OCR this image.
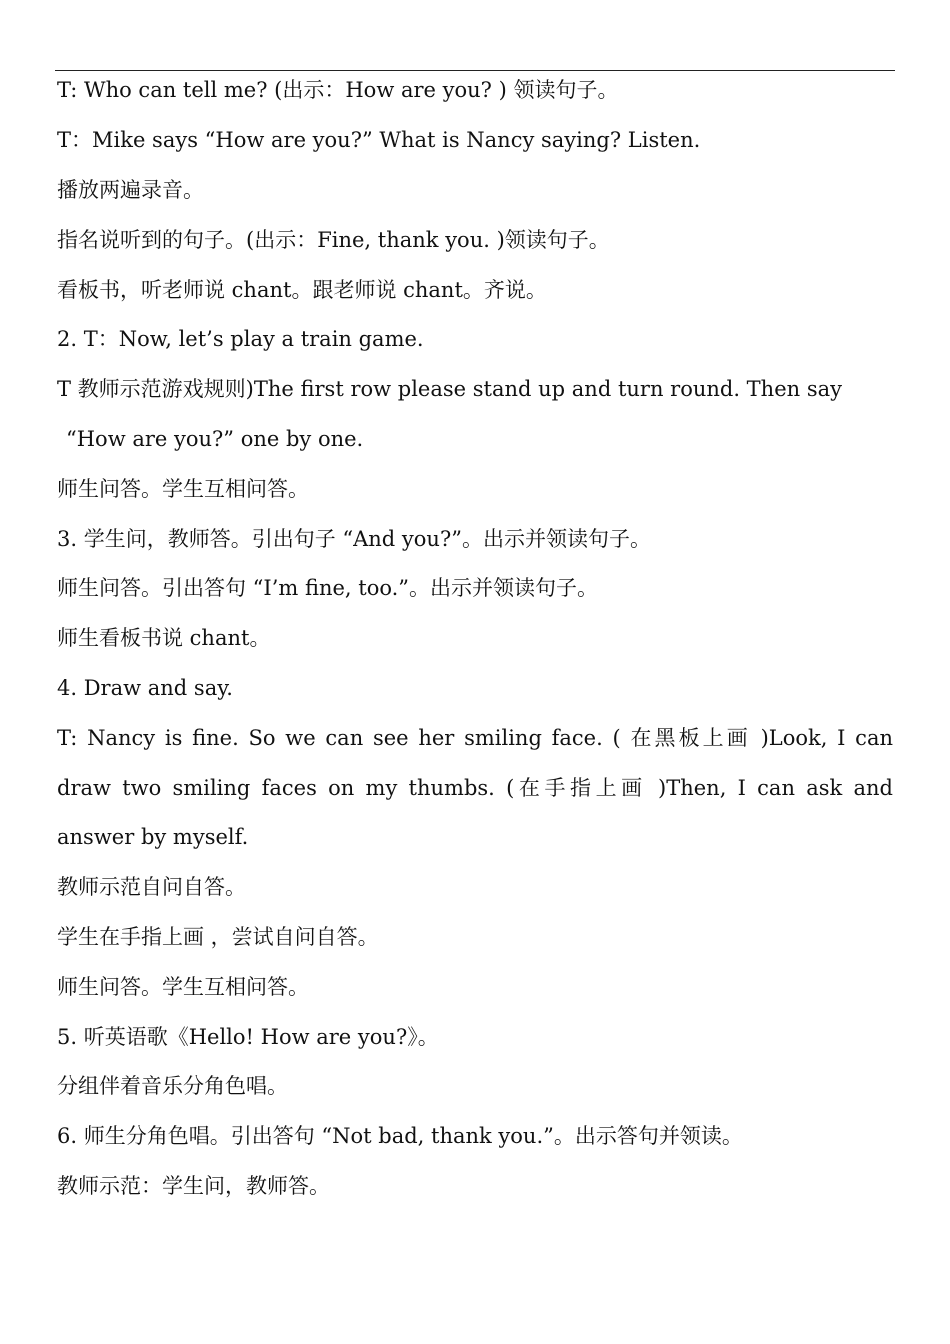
T: Who can tell me? (出示：How are you? ) 领读句子。
T：Mike says “How are you?” What is Nancy saying? Listen.
播放两遍录音。
指名说听到的句子。(出示：Fine, thank you. )领读句子。
看板书，听老师说 chant。跟老师说 chant。齐说。
2. T：Now, let’s play a train game.
T 教师示范游戏规则)The first row please stand up and turn round. Then say
“How are you?” one by one.
师生问答。学生互相问答。
3. 学生问，教师答。引出句子 “And you?”。出示并领读句子。
师生问答。引出答句 “I’m fine, too.”。出示并领读句子。
师生看板书说 chant。
4. Draw and say.
T: Nancy is fine. So we can see her smiling face. ( 在黑板上画 )Look, I can
draw two smiling faces on my thumbs. (在手指上画 )Then, I can ask and
answer by myself.
教师示范自问自答。
学生在手指上画 ，尝试自问自答。
师生问答。学生互相问答。
5. 听英语歌《Hello! How are you?》。
分组伴着音乐分角色唱。
6. 师生分角色唱。引出答句 “Not bad, thank you.”。出示答句并领读。
教师示范：学生问，教师答。
